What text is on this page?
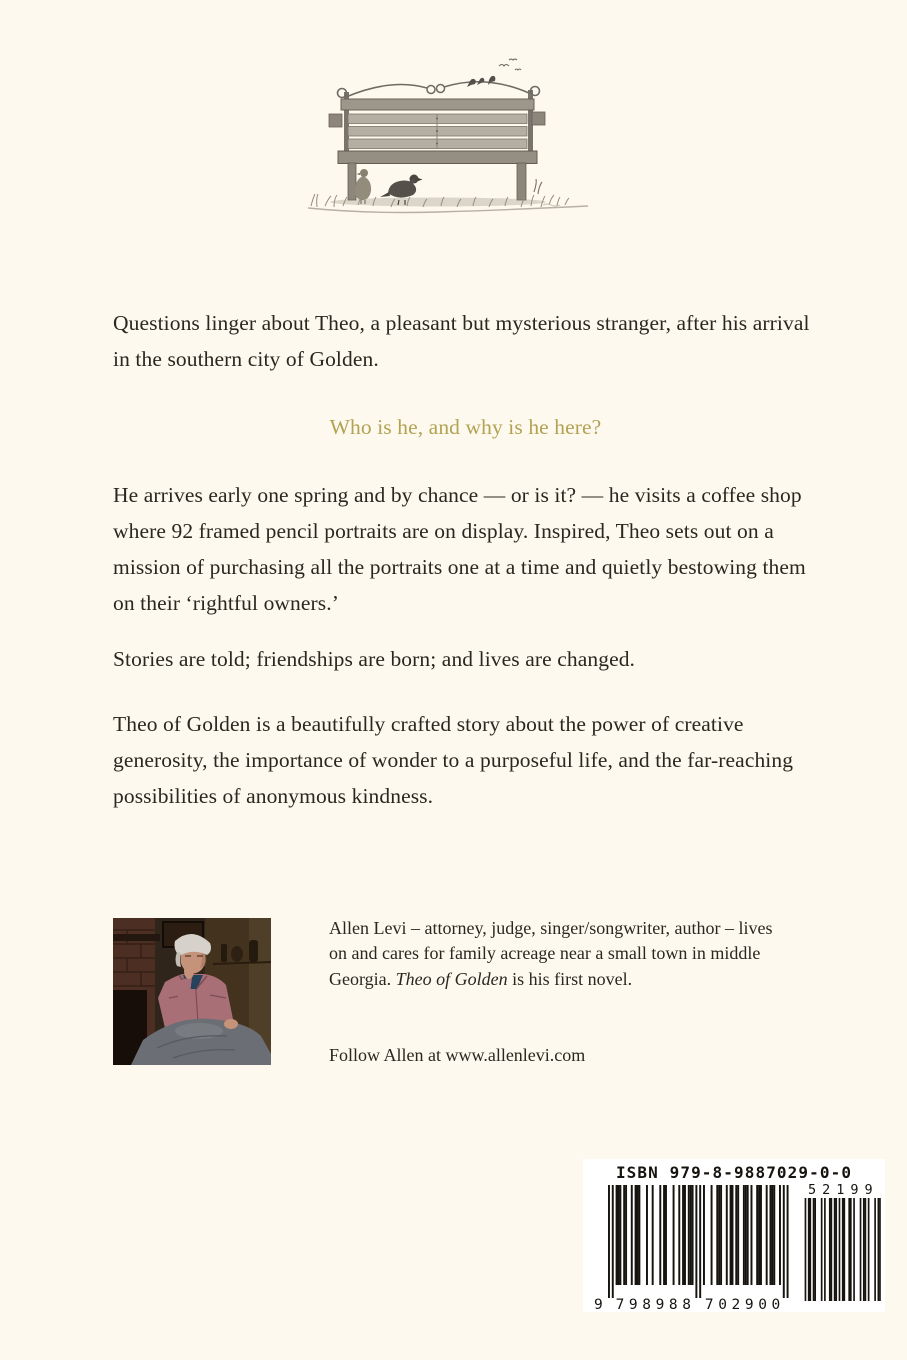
Questions linger about Theo, a pleasant but mysterious stranger, after his arrival in the southern city of Golden.

Who is he, and why is he here?

He arrives early one spring and by chance — or is it? — he visits a coffee shop where 92 framed pencil portraits are on display. Inspired, Theo sets out on a mission of purchasing all the portraits one at a time and quietly bestowing them on their ‘rightful owners.’

Stories are told; friendships are born; and lives are changed.

Theo of Golden is a beautifully crafted story about the power of creative generosity, the importance of wonder to a purposeful life, and the far-reaching possibilities of anonymous kindness.

Allen Levi – attorney, judge, singer/songwriter, author – lives on and cares for family acreage near a small town in middle Georgia. Theo of Golden is his first novel.

Follow Allen at www.allenlevi.com

ISBN 979-8-9887029-0-0
9 798988 702900
52199
